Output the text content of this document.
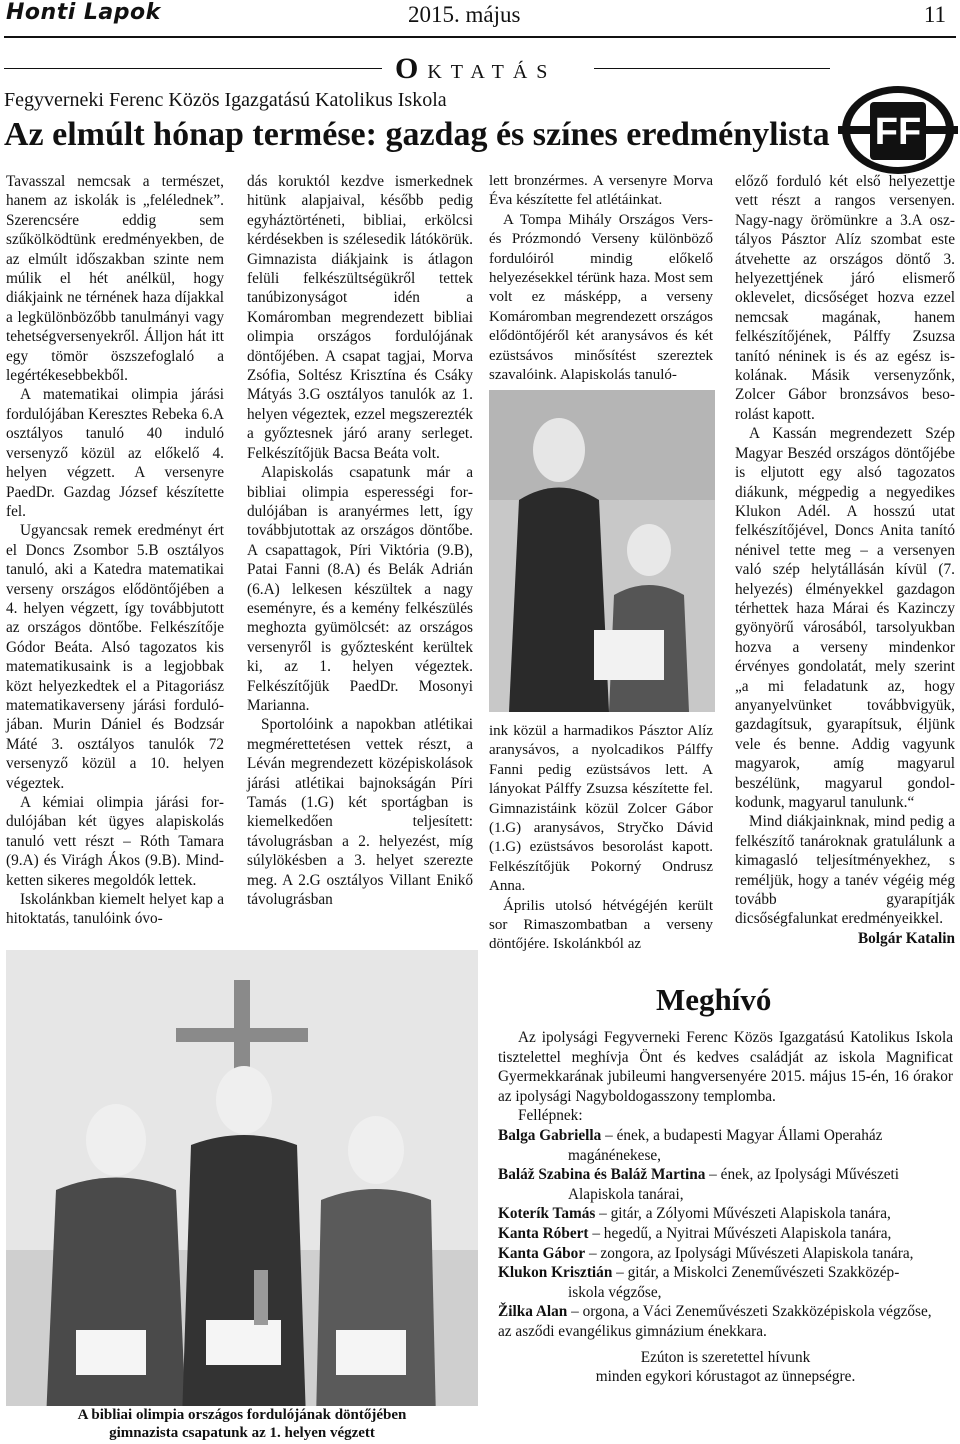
Honti Lapok	2015. május	11
OKTATÁS
Fegyverneki Ferenc Közös Igazgatású Katolikus Iskola
Az elmúlt hónap termése: gazdag és színes eredménylista FF

Tavasszal nemcsak a természet, hanem az iskolák is „felélednek”. Szerencsére eddig sem szűkölködtünk eredményekben, de az elmúlt időszakban szinte nem múlik el hét anélkül, hogy diákjaink ne térnének haza díjakkal a legkülönbözőbb tanulmányi vagy tehetségversenyekről. Álljon hát itt egy tömör öszszefoglaló a legértékesebbekből.

A matematikai olimpia járási fordulójában Keresztes Rebeka 6.A osztályos tanuló 40 induló versenyző közül az előkelő 4. helyen végzett. A versenyre PaedDr. Gazdag József készítette fel.

Ugyancsak remek eredményt ért el Doncs Zsombor 5.B osztályos tanuló, aki a Katedra matematikai verseny országos elődöntőjében a 4. helyen végzett, így továbbjutott az országos döntőbe. Felkészítője Gódor Beáta. Alsó tagozatos kis matematikusaink is a legjobbak közt helyezkedtek el a Pitagoriász matematikaverseny járási fordulójában. Murin Dániel és Bodzsár Máté 3. osztályos tanulók 72 versenyző közül a 10. helyen végeztek.

A kémiai olimpia járási fordulójában két ügyes alapiskolás tanuló vett részt – Róth Tamara (9.A) és Virágh Ákos (9.B). Mindketten sikeres megoldók lettek.

Iskolánkban kiemelt helyet kap a hitoktatás, tanulóink óvo-

dás koruktól kezdve ismerkednek hitünk alapjaival, később pedig egyháztörténeti, bibliai, erkölcsi kérdésekben is szélesedik látókörük. Gimnazista diákjaink is átlagon felüli felkészültségükről tettek tanúbizonyságot idén a Komáromban megrendezett bibliai olimpia országos fordulójának döntőjében. A csapat tagjai, Morva Zsófia, Soltész Krisztína és Csáky Mátyás 3.G osztályos tanulók az 1. helyen végeztek, ezzel megszerezték a győztesnek járó arany serleget. Felkészítőjük Bacsa Beáta volt.

Alapiskolás csapatunk már a bibliai olimpia esperességi fordulójában is aranyérmes lett, így továbbjutottak az országos döntőbe. A csapattagok, Píri Viktória (9.B), Patai Fanni (8.A) és Belák Adrián (6.A) lelkesen készültek a nagy eseményre, és a kemény felkészülés meghozta gyümölcsét: az országos versenyről is győztesként kerültek ki, az 1. helyen végeztek. Felkészítőjük PaedDr. Mosonyi Marianna.

Sportolóink a napokban atlétikai megmérettetésen vettek részt, a Léván megrendezett középiskolások járási atlétikai bajnokságán Píri Tamás (1.G) két sportágban is kiemelkedően teljesített: távolugrásban a 2. helyezést, míg súlylökésben a 3. helyet szerezte meg. A 2.G osztályos Villant Enikő távolugrásban

lett bronzérmes. A versenyre Morva Éva készítette fel atlétáinkat.

A Tompa Mihály Országos Vers- és Prózmondó Verseny különböző fordulóiról mindig előkelő helyezésekkel térünk haza. Most sem volt ez másképp, a verseny Komáromban megrendezett országos elődöntőjéről két aranysávos és két ezüstsávos minősítést szereztek szavalóink. Alapiskolás tanuló-

ink közül a harmadikos Pásztor Alíz aranysávos, a nyolcadikos Pálffy Fanni pedig ezüstsávos lett. A lányokat Pálffy Zsuzsa készítette fel. Gimnazistáink közül Zolcer Gábor (1.G) aranysávos, Stryčko Dávid (1.G) ezüstsávos besorolást kapott. Felkészítőjük Pokorný Ondrusz Anna.

Április utolsó hétvégéjén került sor Rimaszombatban a verseny döntőjére. Iskolánkból az

előző forduló két első helyezettje vett részt a rangos versenyen. Nagy-nagy örömünkre a 3.A osztályos Pásztor Alíz szombat este átvehette az országos döntő 3. helyezettjének járó elismerő oklevelet, dicsőséget hozva ezzel nemcsak magának, hanem felkészítőjének, Pálffy Zsuzsa tanító néninek is és az egész iskolának. Másik versenyzőnk, Zolcer Gábor bronzsávos besorolást kapott.

A Kassán megrendezett Szép Magyar Beszéd országos döntőjébe is eljutott egy alsó tagozatos diákunk, mégpedig a negyedikes Klukon Adél. A hosszú utat felkészítőjével, Doncs Anita tanító nénivel tette meg – a versenyen való szép helytállásán kívül (7. helyezés) élményekkel gazdagon térhettek haza Márai és Kazinczy gyönyörű városából, tarsolyukban hozva a verseny mindenkor érvényes gondolatát, mely szerint „a mi feladatunk az, hogy anyanyelvünket továbbvigyük, gazdagítsuk, gyarapítsuk, éljünk vele és benne. Addig vagyunk magyarok, amíg magyarul beszélünk, magyarul gondolkodunk, magyarul tanulunk.“

Mind diákjainknak, mind pedig a felkészítő tanároknak gratulálunk a kimagasló teljesítményekhez, s reméljük, hogy a tanév végéig még tovább gyarapítják dicsőségfalunkat eredményeikkel.

Bolgár Katalin

A bibliai olimpia országos fordulójának döntőjében
gimnazista csapatunk az 1. helyen végzett
Meghívó

Az ipolysági Fegyverneki Ferenc Közös Igazgatású Katolikus Iskola tisztelettel meghívja Önt és kedves családját az iskola Magnificat Gyermekkarának jubileumi hangversenyére 2015. május 15-én, 16 órakor az ipolysági Nagyboldogasszony templomba.

Fellépnek:

Balga Gabriella – ének, a budapesti Magyar Állami Operaház
magánénekese,

Baláž Szabina és Baláž Martina – ének, az Ipolysági Művészeti
Alapiskola tanárai,

Koterík Tamás – gitár, a Zólyomi Művészeti Alapiskola tanára,

Kanta Róbert – hegedű, a Nyitrai Művészeti Alapiskola tanára,

Kanta Gábor – zongora, az Ipolysági Művészeti Alapiskola tanára,

Klukon Krisztián – gitár, a Miskolci Zeneművészeti Szakközép-
iskola végzőse,

Žilka Alan – orgona, a Váci Zeneművészeti Szakközépiskola végzőse,

az asződi evangélikus gimnázium énekkara.

Ezúton is szeretettel hívunk
minden egykori kórustagot az ünnepségre.
